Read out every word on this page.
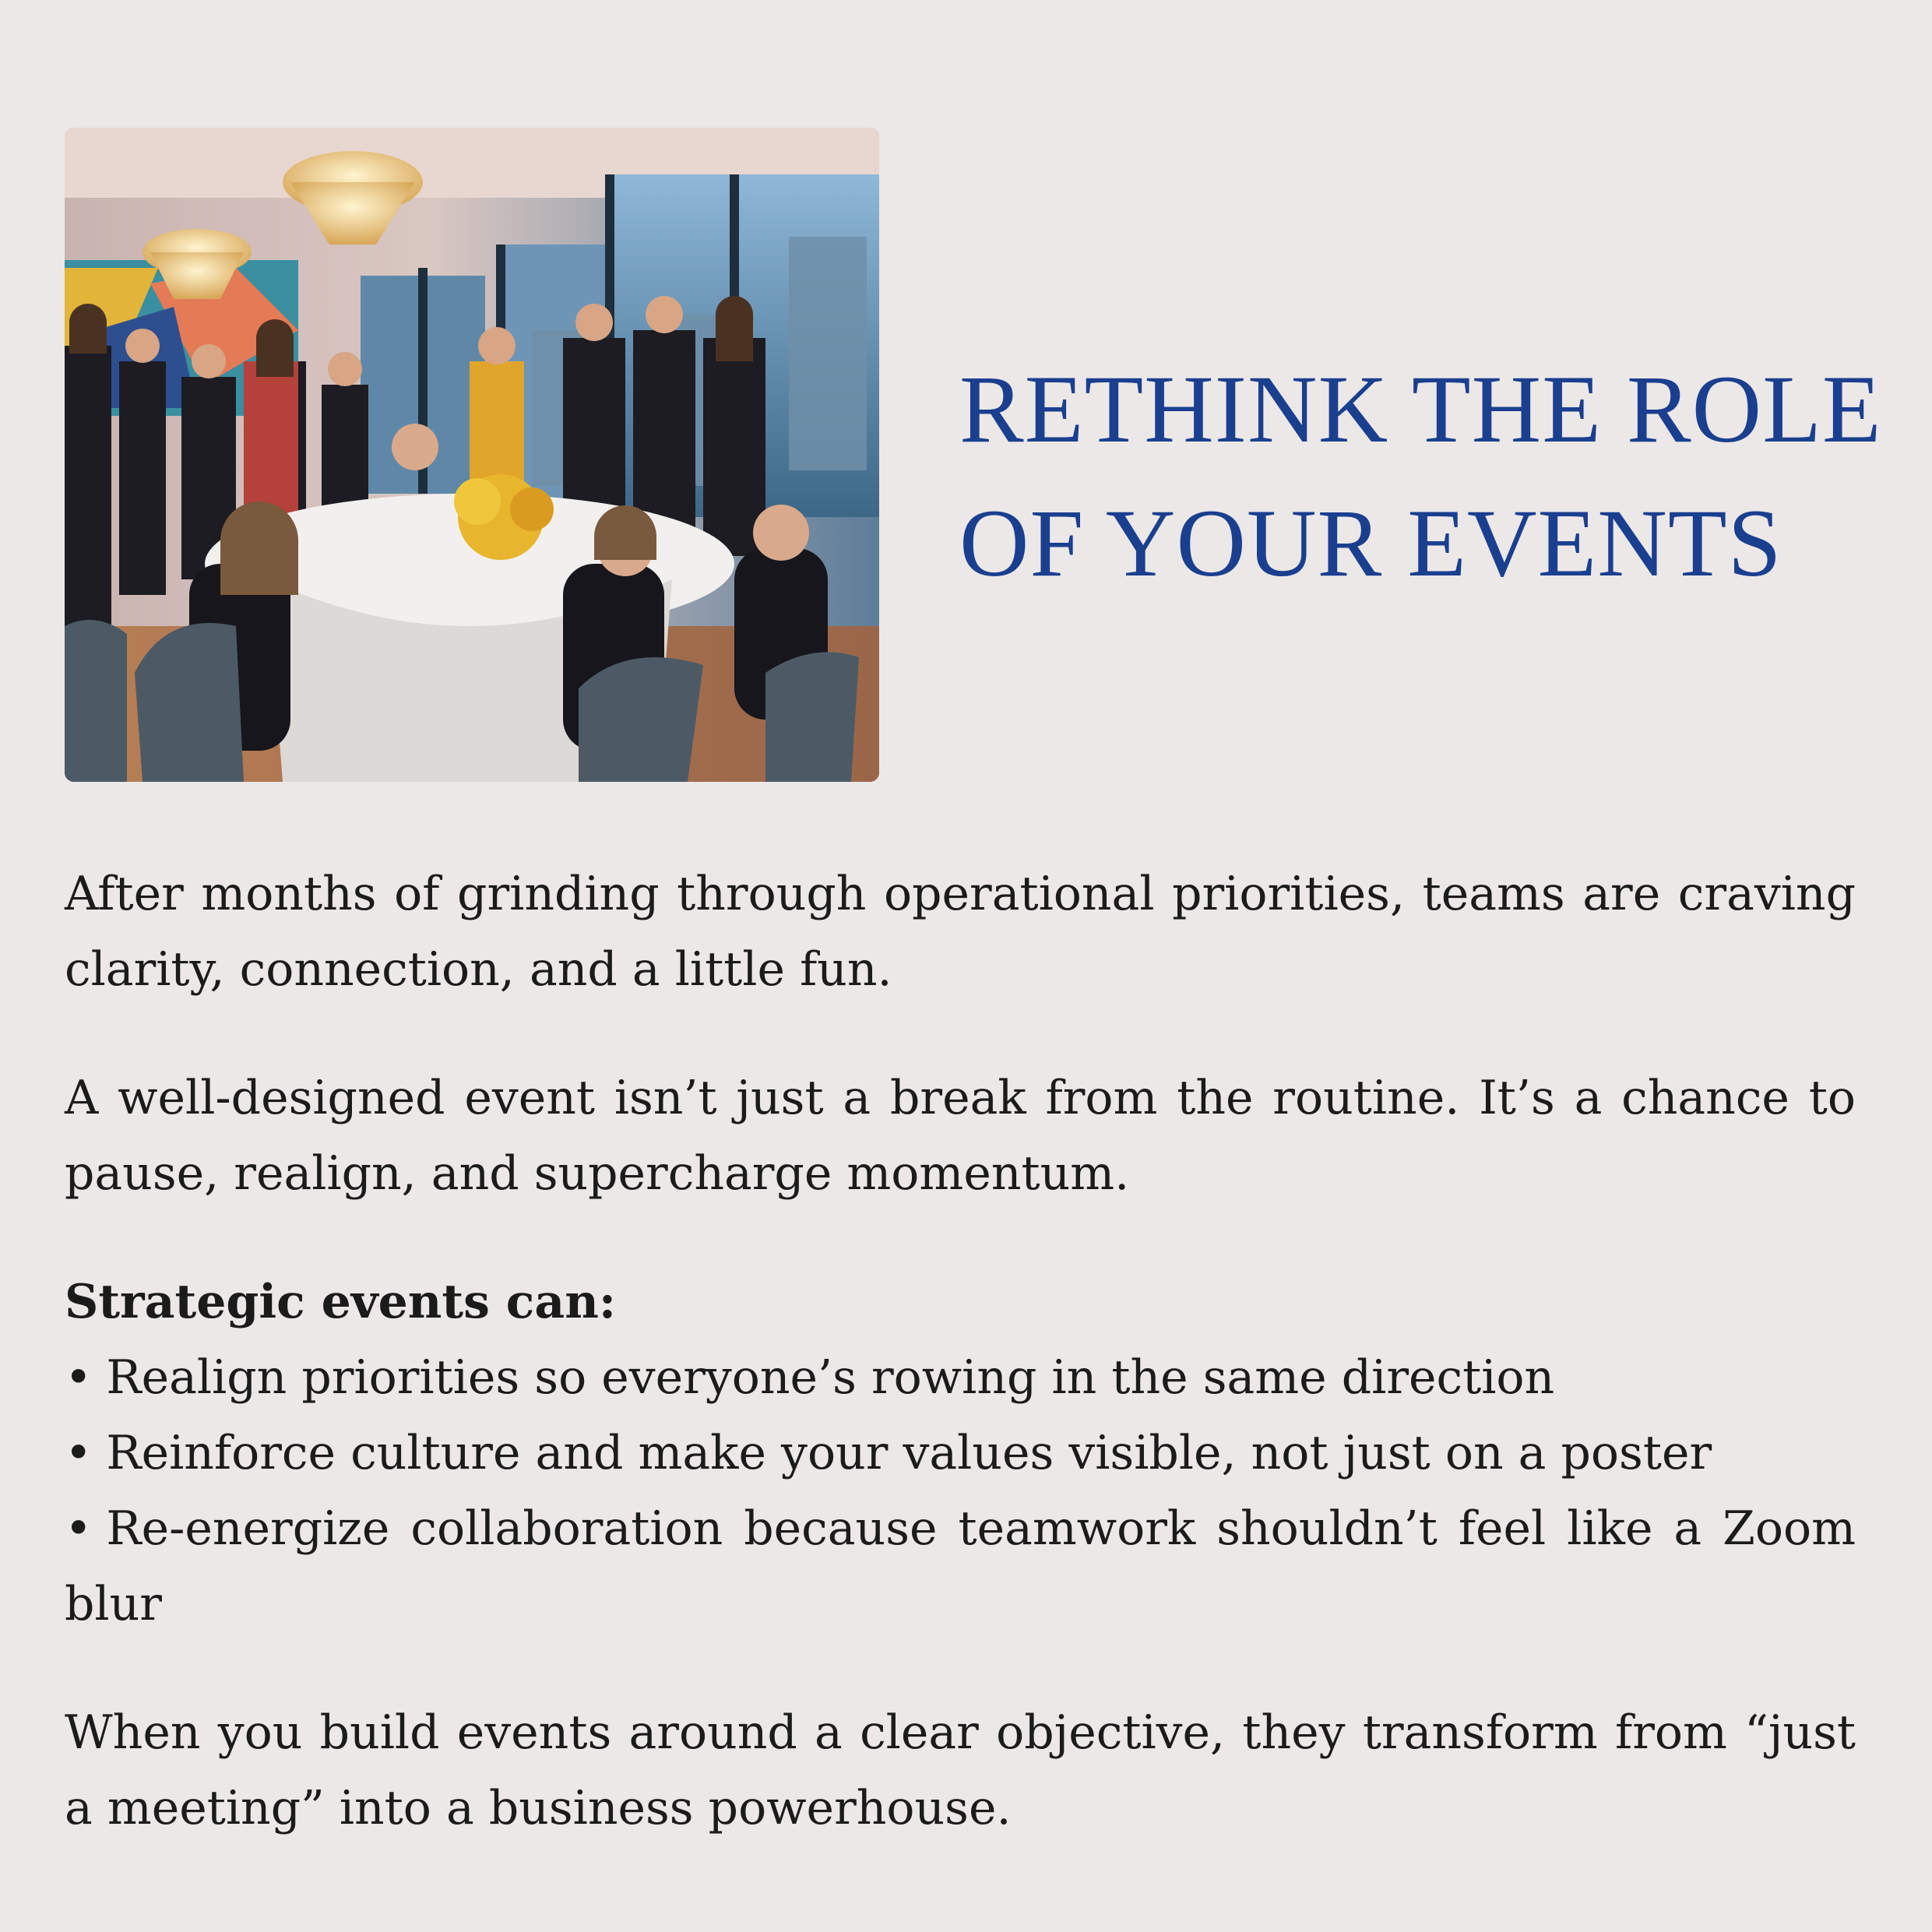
RETHINK THE ROLE
OF YOUR EVENTS

After months of grinding through operational priorities, teams are craving clarity, connection, and a little fun.

A well-designed event isn’t just a break from the routine. It’s a chance to pause, realign, and supercharge momentum.

Strategic events can:

• Realign priorities so everyone’s rowing in the same direction

• Reinforce culture and make your values visible, not just on a poster

• Re-energize collaboration because teamwork shouldn’t feel like a Zoom blur

When you build events around a clear objective, they transform from “just a meeting” into a business powerhouse.
